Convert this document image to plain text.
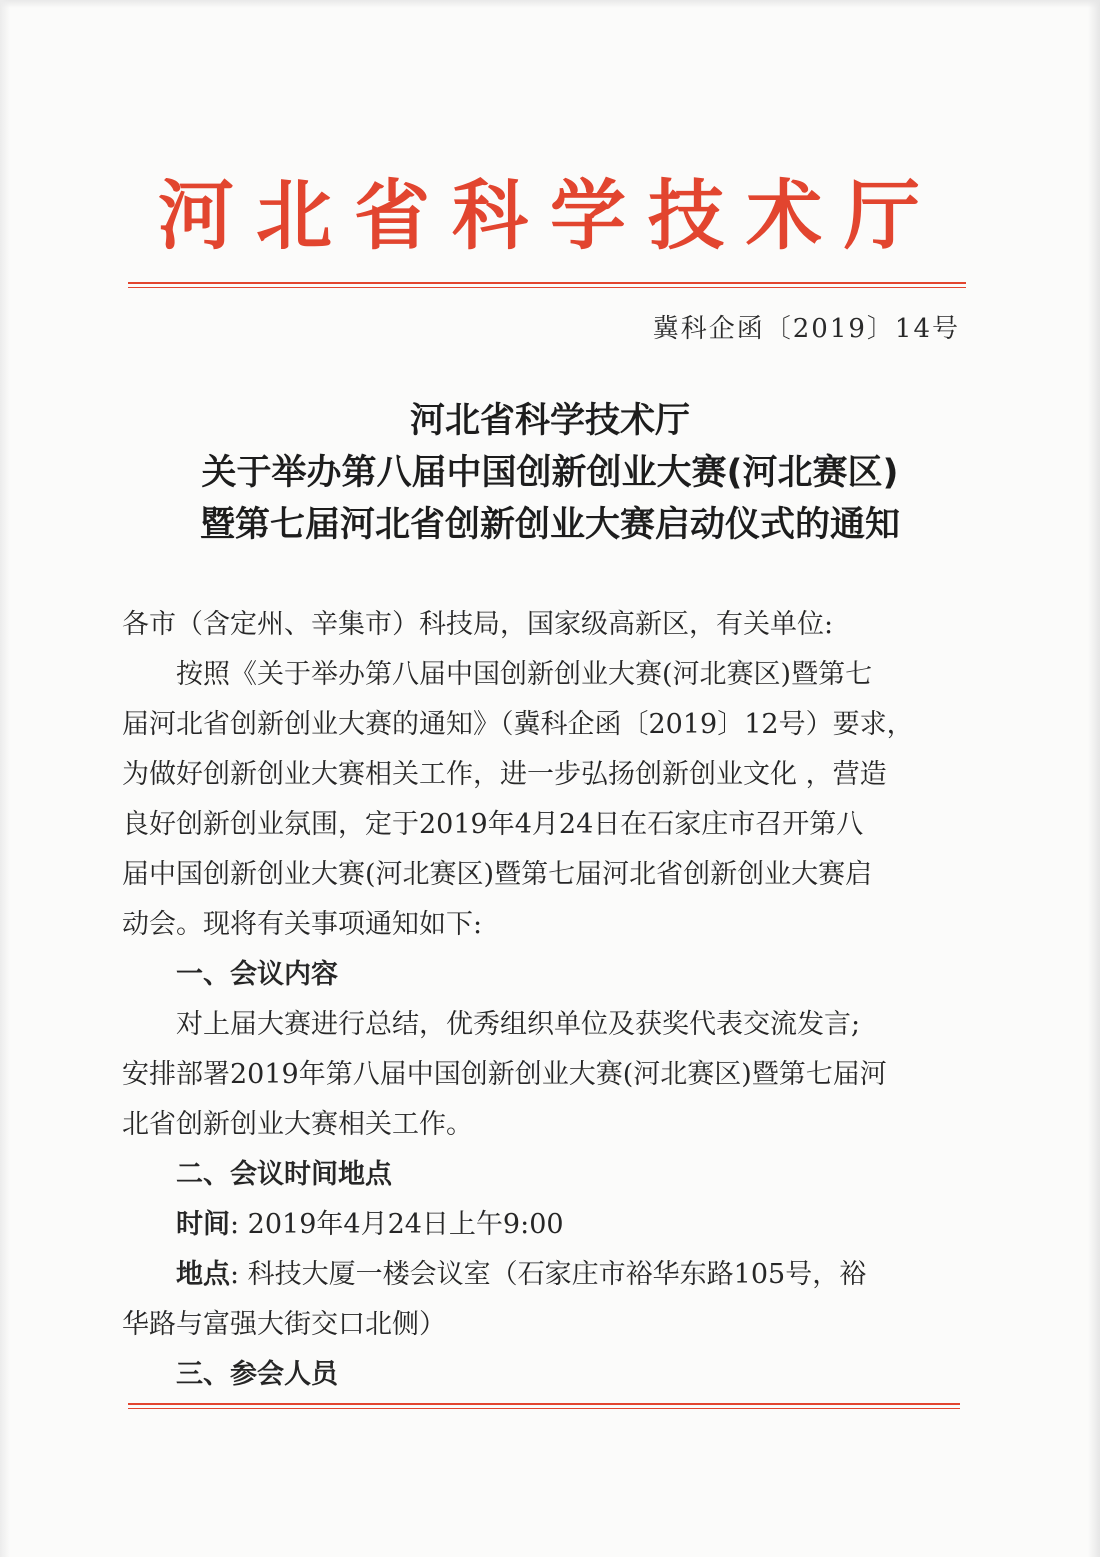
河北省科学技术厅
冀科企函〔2019〕14号
河北省科学技术厅
关于举办第八届中国创新创业大赛(河北赛区)
暨第七届河北省创新创业大赛启动仪式的通知
各市（含定州、辛集市）科技局，国家级高新区，有关单位:
　　按照《关于举办第八届中国创新创业大赛(河北赛区)暨第七
届河北省创新创业大赛的通知》（冀科企函〔2019〕12号）要求，
为做好创新创业大赛相关工作，进一步弘扬创新创业文化 ，营造
良好创新创业氛围，定于2019年4月24日在石家庄市召开第八
届中国创新创业大赛(河北赛区)暨第七届河北省创新创业大赛启
动会。现将有关事项通知如下:
　　一、会议内容
　　对上届大赛进行总结，优秀组织单位及获奖代表交流发言;
安排部署2019年第八届中国创新创业大赛(河北赛区)暨第七届河
北省创新创业大赛相关工作。
　　二、会议时间地点
　　时间: 2019年4月24日上午9:00
　　地点: 科技大厦一楼会议室（石家庄市裕华东路105号，裕
华路与富强大街交口北侧）
　　三、参会人员
